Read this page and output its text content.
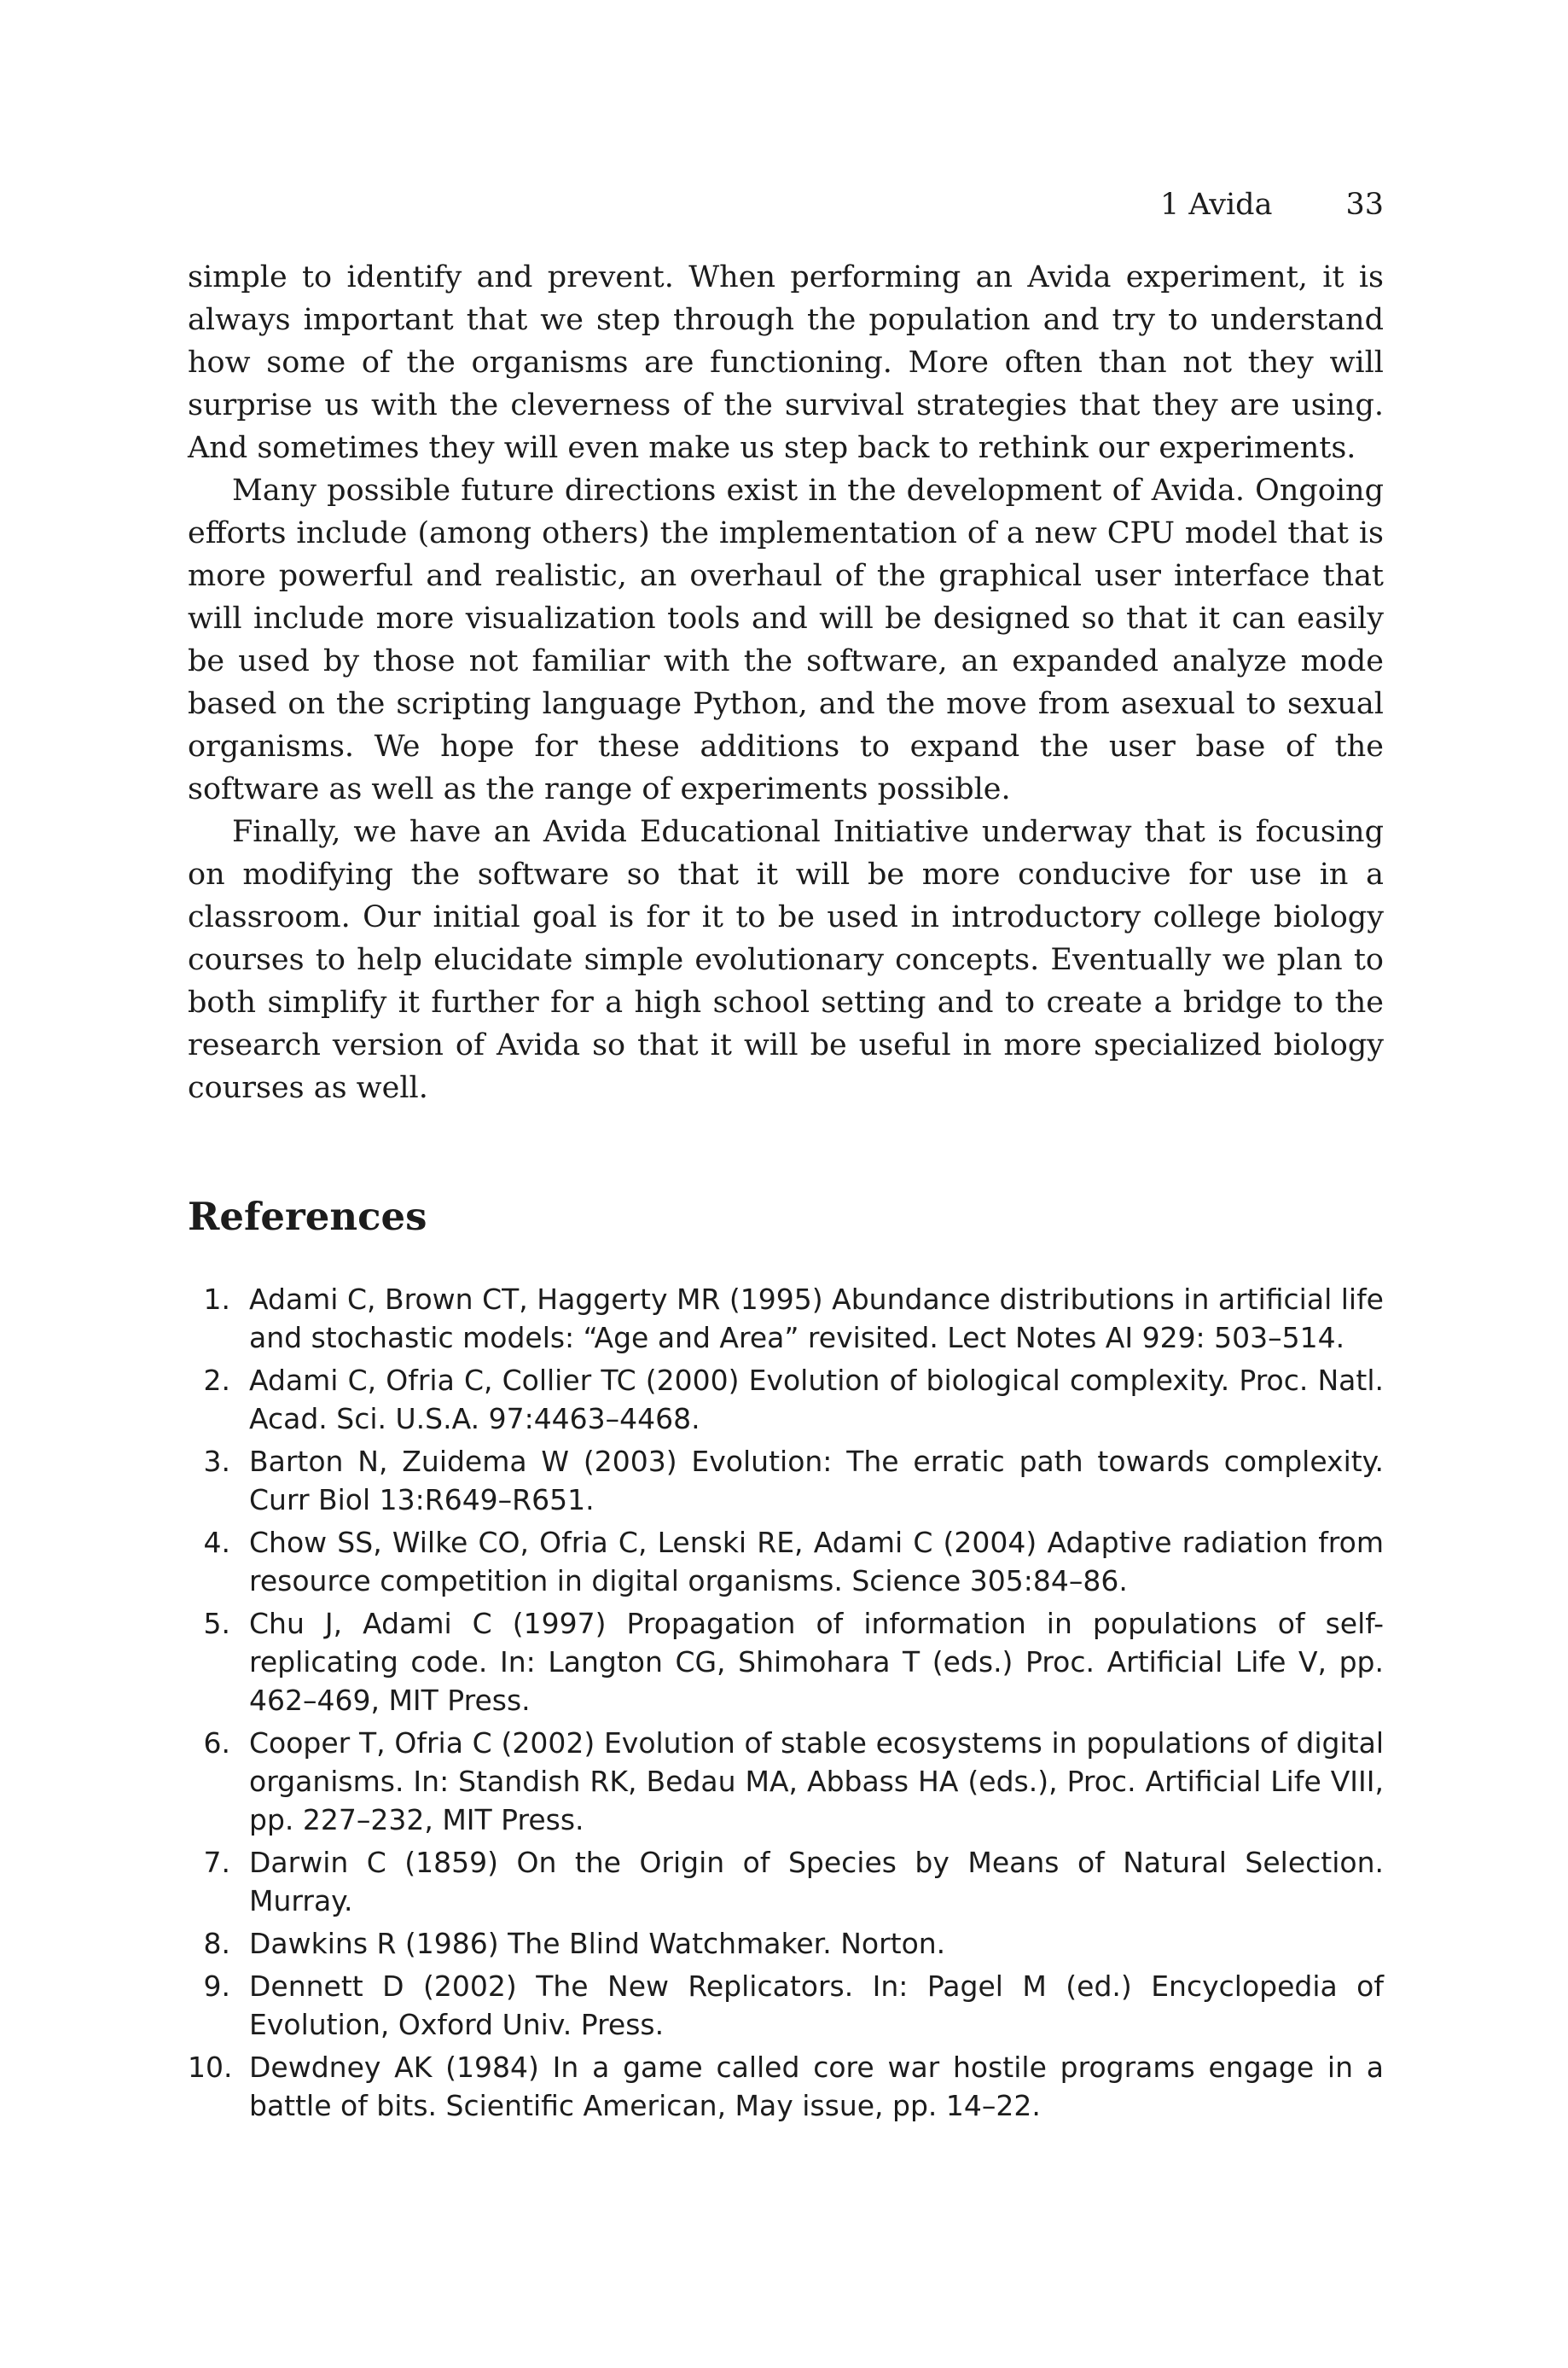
1 Avida 33

simple to identify and prevent. When performing an Avida experiment, it is always important that we step through the population and try to understand how some of the organisms are functioning. More often than not they will surprise us with the cleverness of the survival strategies that they are using. And sometimes they will even make us step back to rethink our experiments.

Many possible future directions exist in the development of Avida. Ongoing efforts include (among others) the implementation of a new CPU model that is more powerful and realistic, an overhaul of the graphical user interface that will include more visualization tools and will be designed so that it can easily be used by those not familiar with the software, an expanded analyze mode based on the scripting language Python, and the move from asexual to sexual organisms. We hope for these additions to expand the user base of the software as well as the range of experiments possible.

Finally, we have an Avida Educational Initiative underway that is focusing on modifying the software so that it will be more conducive for use in a classroom. Our initial goal is for it to be used in introductory college biology courses to help elucidate simple evolutionary concepts. Eventually we plan to both simplify it further for a high school setting and to create a bridge to the research version of Avida so that it will be useful in more specialized biology courses as well.

References
1. Adami C, Brown CT, Haggerty MR (1995) Abundance distributions in artificial life and stochastic models: “Age and Area” revisited. Lect Notes AI 929: 503–514.
2. Adami C, Ofria C, Collier TC (2000) Evolution of biological complexity. Proc. Natl. Acad. Sci. U.S.A. 97:4463–4468.
3. Barton N, Zuidema W (2003) Evolution: The erratic path towards complexity. Curr Biol 13:R649–R651.
4. Chow SS, Wilke CO, Ofria C, Lenski RE, Adami C (2004) Adaptive radiation from resource competition in digital organisms. Science 305:84–86.
5. Chu J, Adami C (1997) Propagation of information in populations of self-replicating code. In: Langton CG, Shimohara T (eds.) Proc. Artificial Life V, pp. 462–469, MIT Press.
6. Cooper T, Ofria C (2002) Evolution of stable ecosystems in populations of digital organisms. In: Standish RK, Bedau MA, Abbass HA (eds.), Proc. Artificial Life VIII, pp. 227–232, MIT Press.
7. Darwin C (1859) On the Origin of Species by Means of Natural Selection. Murray.
8. Dawkins R (1986) The Blind Watchmaker. Norton.
9. Dennett D (2002) The New Replicators. In: Pagel M (ed.) Encyclopedia of Evolution, Oxford Univ. Press.
10. Dewdney AK (1984) In a game called core war hostile programs engage in a battle of bits. Scientific American, May issue, pp. 14–22.
